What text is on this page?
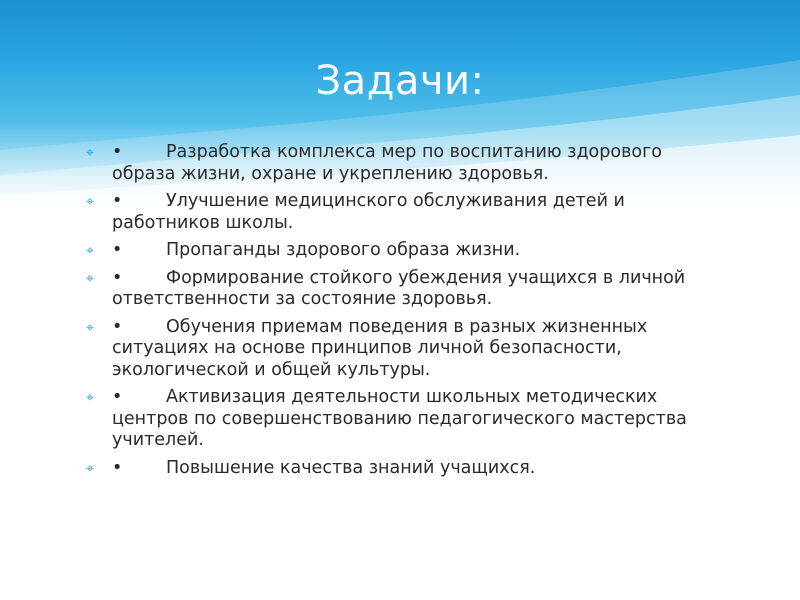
Задачи:
⌖ • Разработка комплекса мер по воспитанию здорового образа жизни, охране и укреплению здоровья.
⌖ • Улучшение медицинского обслуживания детей и работников школы.
⌖ • Пропаганды здорового образа жизни.
⌖ • Формирование стойкого убеждения учащихся в личной ответственности за состояние здоровья.
⌖ • Обучения приемам поведения в разных жизненных ситуациях на основе принципов личной безопасности, экологической и общей культуры.
⌖ • Активизация деятельности школьных методических центров по совершенствованию педагогического мастерства учителей.
⌖ • Повышение качества знаний учащихся.
